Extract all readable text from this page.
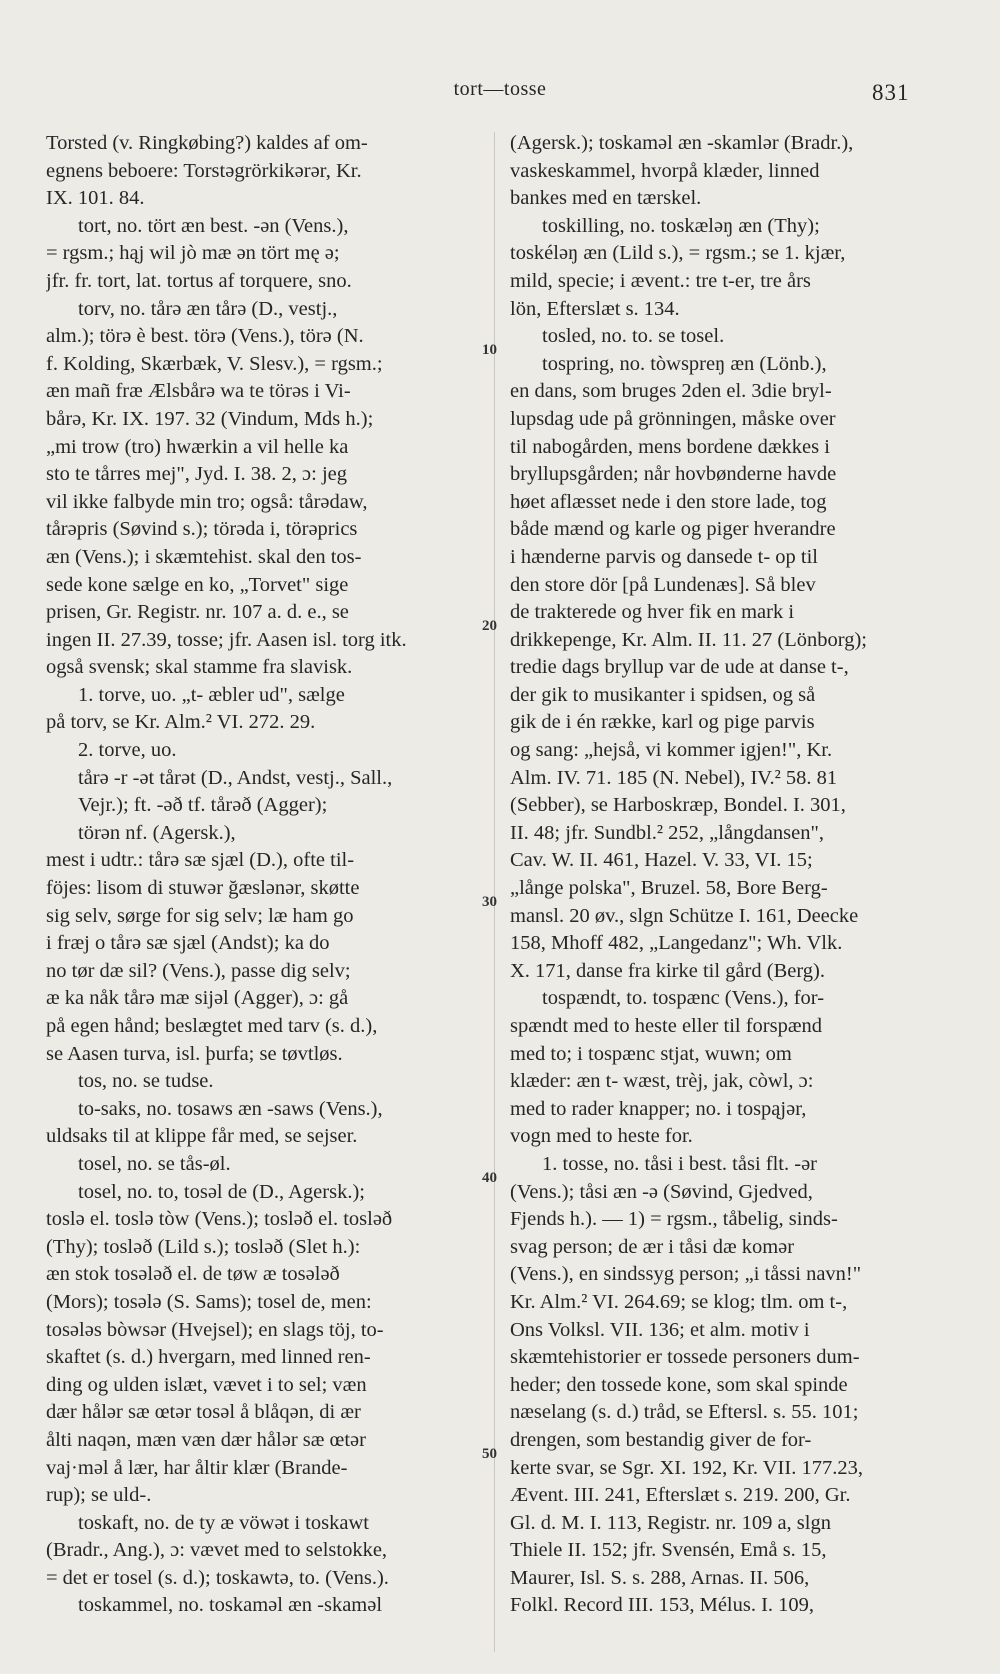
tort—tosse	831
Torsted (v. Ringkøbing?) kaldes af om-
egnens beboere: Torstəgrörkikərər, Kr.
IX. 101. 84.
tort, no. tört æn best. -ən (Vens.),
= rgsm.; hąj wil jò mæ ən tört mę ə;
jfr. fr. tort, lat. tortus af torquere, sno.
torv, no. tårə æn tårə (D., vestj.,
alm.); törə è best. törə (Vens.), törə (N.
f. Kolding, Skærbæk, V. Slesv.), = rgsm.;
æn mañ fræ Ælsbårə wa te törəs i Vi-
bårə, Kr. IX. 197. 32 (Vindum, Mds h.);
„mi trow (tro) hwærkin a vil helle ka
sto te tårres mej", Jyd. I. 38. 2, ɔ: jeg
vil ikke falbyde min tro; også: tårədaw,
tårəpris (Søvind s.); törəda i, törəprics
æn (Vens.); i skæmtehist. skal den tos-
sede kone sælge en ko, „Torvet" sige
prisen, Gr. Registr. nr. 107 a. d. e., se
ingen II. 27.39, tosse; jfr. Aasen isl. torg itk.
også svensk; skal stamme fra slavisk.
1. torve, uo. „t- æbler ud", sælge
på torv, se Kr. Alm.² VI. 272. 29.
2. torve, uo.
tårə -r -ət tårət (D., Andst, vestj., Sall.,
Vejr.); ft. -əð tf. tårəð (Agger);
törən nf. (Agersk.),
mest i udtr.: tårə sæ sjæl (D.), ofte til-
föjes: lisom di stuwər ğæslənər, skøtte
sig selv, sørge for sig selv; læ ham go
i fræj o tårə sæ sjæl (Andst); ka do
no tør dæ sil? (Vens.), passe dig selv;
æ ka nåk tårə mæ sijəl (Agger), ɔ: gå
på egen hånd; beslægtet med tarv (s. d.),
se Aasen turva, isl. þurfa; se tøvtløs.
tos, no. se tudse.
to-saks, no. tosaws æn -saws (Vens.),
uldsaks til at klippe får med, se sejser.
tosel, no. se tås-øl.
tosel, no. to, tosəl de (D., Agersk.);
toslə el. toslə tòw (Vens.); toslǝð el. tosləð
(Thy); tosləð (Lild s.); tosləð (Slet h.):
æn stok tosələð el. de tøw æ tosələð
(Mors); tosələ (S. Sams); tosel de, men:
tosələs bòwsər (Hvejsel); en slags töj, to-
skaftet (s. d.) hvergarn, med linned ren-
ding og ulden islæt, vævet i to sel; væn
dær hålər sæ œtər tosəl å blåqən, di ær
ålti naqən, mæn væn dær hålər sæ œtər
vaj·məl å lær, har åltir klær (Brande-
rup); se uld-.
toskaft, no. de ty æ vöwət i toskawt
(Bradr., Ang.), ɔ: vævet med to selstokke,
= det er tosel (s. d.); toskawtə, to. (Vens.).
toskammel, no. toskaməl æn -skaməl
(Agersk.); toskaməl æn -skamlər (Bradr.),
vaskeskammel, hvorpå klæder, linned
bankes med en tærskel.
toskilling, no. toskæləŋ æn (Thy);
toskéləŋ æn (Lild s.), = rgsm.; se 1. kjær,
mild, specie; i ævent.: tre t-er, tre års
lön, Efterslæt s. 134.
tosled, no. to. se tosel.
tospring, no. tòwspreŋ æn (Lönb.),
en dans, som bruges 2den el. 3die bryl-
lupsdag ude på grönningen, måske over
til nabogården, mens bordene dækkes i
bryllupsgården; når hovbønderne havde
høet aflæsset nede i den store lade, tog
både mænd og karle og piger hverandre
i hænderne parvis og dansede t- op til
den store dör [på Lundenæs]. Så blev
de trakterede og hver fik en mark i
drikkepenge, Kr. Alm. II. 11. 27 (Lönborg);
tredie dags bryllup var de ude at danse t-,
der gik to musikanter i spidsen, og så
gik de i én række, karl og pige parvis
og sang: „hejså, vi kommer igjen!", Kr.
Alm. IV. 71. 185 (N. Nebel), IV.² 58. 81
(Sebber), se Harboskræp, Bondel. I. 301,
II. 48; jfr. Sundbl.² 252, „långdansen",
Cav. W. II. 461, Hazel. V. 33, VI. 15;
„långe polska", Bruzel. 58, Bore Berg-
mansl. 20 øv., slgn Schütze I. 161, Deecke
158, Mhoff 482, „Langedanz"; Wh. Vlk.
X. 171, danse fra kirke til gård (Berg).
tospændt, to. tospænc (Vens.), for-
spændt med to heste eller til forspænd
med to; i tospænc stjat, wuwn; om
klæder: æn t- wæst, trèj, jak, còwl, ɔ:
med to rader knapper; no. i tospąjər,
vogn med to heste for.
1. tosse, no. tåsi i best. tåsi flt. -ər
(Vens.); tåsi æn -ə (Søvind, Gjedved,
Fjends h.). — 1) = rgsm., tåbelig, sinds-
svag person; de ær i tåsi dæ komər
(Vens.), en sindssyg person; „i tåssi navn!"
Kr. Alm.² VI. 264.69; se klog; tlm. om t-,
Ons Volksl. VII. 136; et alm. motiv i
skæmtehistorier er tossede personers dum-
heder; den tossede kone, som skal spinde
næselang (s. d.) tråd, se Eftersl. s. 55. 101;
drengen, som bestandig giver de for-
kerte svar, se Sgr. XI. 192, Kr. VII. 177.23,
Ævent. III. 241, Efterslæt s. 219. 200, Gr.
Gl. d. M. I. 113, Registr. nr. 109 a, slgn
Thiele II. 152; jfr. Svensén, Emå s. 15,
Maurer, Isl. S. s. 288, Arnas. II. 506,
Folkl. Record III. 153, Mélus. I. 109,
10
20
30
40
50
